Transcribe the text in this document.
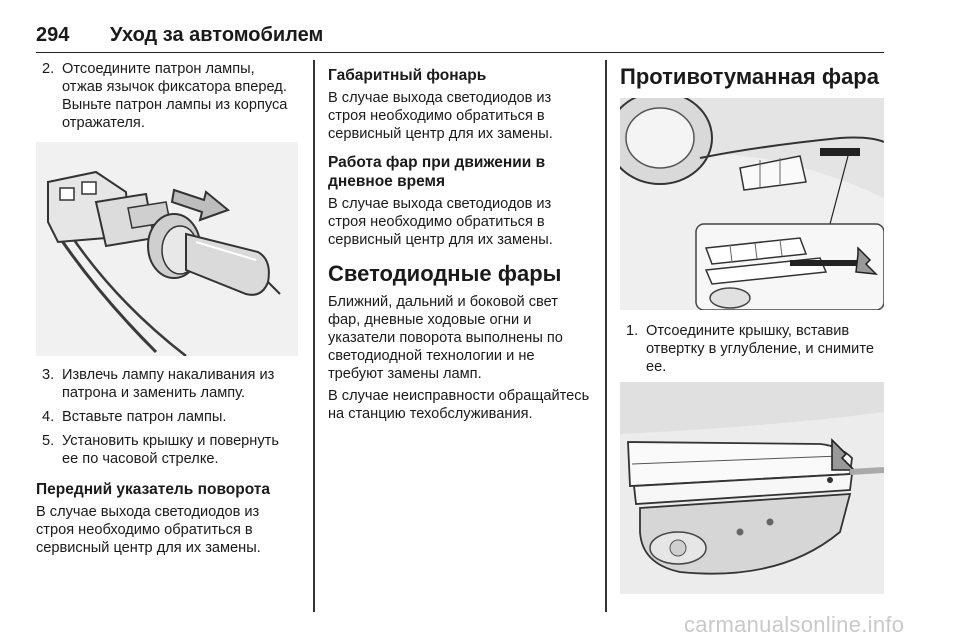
294 Уход за автомобилем
2. Отсоедините патрон лампы, отжав язычок фиксатора вперед. Выньте патрон лампы из корпуса отражателя.
3. Извлечь лампу накаливания из патрона и заменить лампу.
4. Вставьте патрон лампы.
5. Установить крышку и повернуть ее по часовой стрелке.
Передний указатель поворота

В случае выхода светодиодов из строя необходимо обратиться в сервисный центр для их замены.

Габаритный фонарь

В случае выхода светодиодов из строя необходимо обратиться в сервисный центр для их замены.

Работа фар при движении в дневное время

В случае выхода светодиодов из строя необходимо обратиться в сервисный центр для их замены.

Светодиодные фары

Ближний, дальний и боковой свет фар, дневные ходовые огни и указатели поворота выполнены по светодиодной технологии и не требуют замены ламп.

В случае неисправности обращайтесь на станцию техобслуживания.

Противотуманная фара
1. Отсоедините крышку, вставив отвертку в углубление, и снимите ее.
carmanualsonline.info
